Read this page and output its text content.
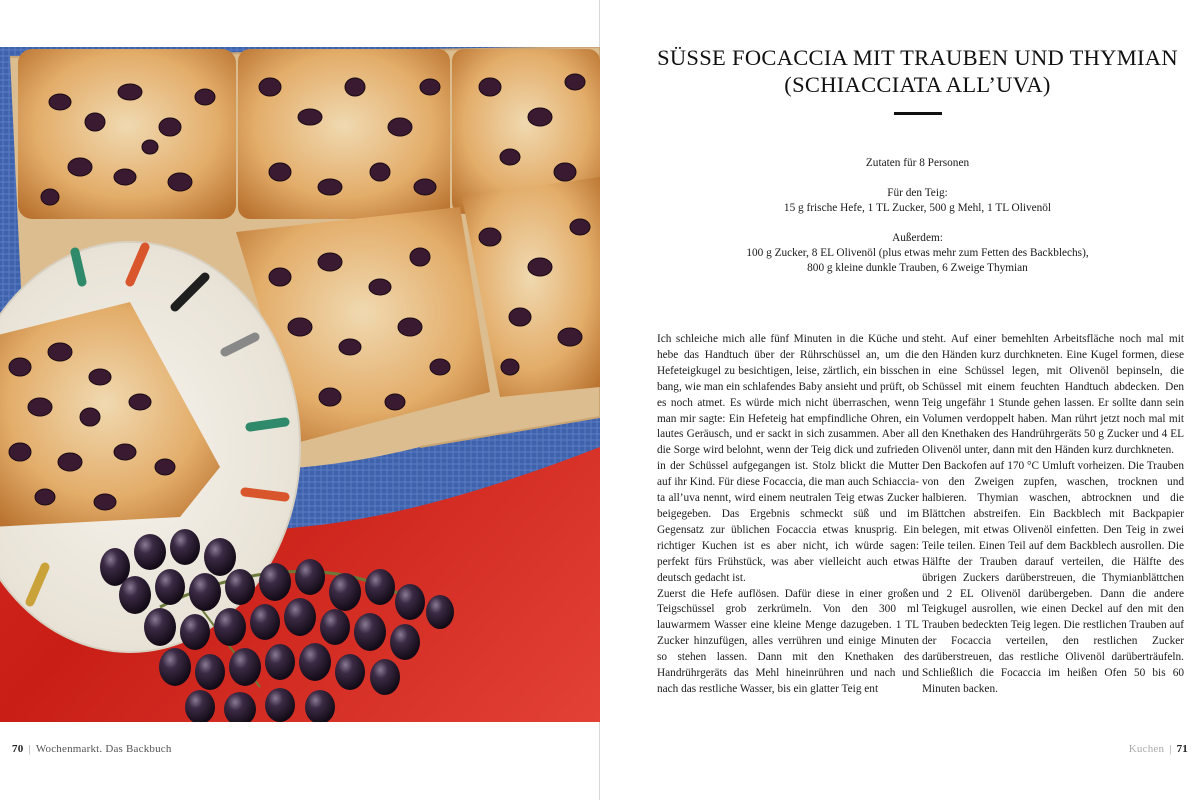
70 | Wochenmarkt. Das Backbuch
SÜSSE FOCACCIA MIT TRAUBEN UND THYMIAN
(SCHIACCIATA ALL’UVA)

Zutaten für 8 Personen

Für den Teig:

15 g frische Hefe, 1 TL Zucker, 500 g Mehl, 1 TL Olivenöl

Außerdem:

100 g Zucker, 8 EL Olivenöl (plus etwas mehr zum Fetten des Backblechs),

800 g kleine dunkle Trauben, 6 Zweige Thymian

Ich schleiche mich alle fünf Minuten in die Küche und hebe das Handtuch über der Rührschüssel an, um die Hefeteigkugel zu besichtigen, leise, zärtlich, ein bisschen bang, wie man ein schlafendes Baby ansieht und prüft, ob es noch atmet. Es würde mich nicht überraschen, wenn man mir sagte: Ein Hefeteig hat empfindliche Ohren, ein lautes Geräusch, und er sackt in sich zusammen. Aber all die Sorge wird belohnt, wenn der Teig dick und zufrieden in der Schüssel aufgegangen ist. Stolz blickt die Mutter auf ihr Kind. Für diese Focaccia, die man auch Schiacciata all’uva nennt, wird einem neutralen Teig etwas Zucker beigegeben. Das Ergebnis schmeckt süß und im Gegensatz zur üblichen Focaccia etwas knusprig. Ein richtiger Kuchen ist es aber nicht, ich würde sagen: perfekt fürs Frühstück, was aber vielleicht auch etwas deutsch gedacht ist.

Zuerst die Hefe auflösen. Dafür diese in einer großen Teigschüssel grob zerkrümeln. Von den 300 ml lauwarmem Wasser eine kleine Menge dazugeben. 1 TL Zucker hinzufügen, alles verrühren und einige Minuten so stehen lassen. Dann mit den Knethaken des Handrührgeräts das Mehl hineinrühren und nach und nach das restliche Wasser, bis ein glatter Teig ent

steht. Auf einer bemehlten Arbeitsfläche noch mal mit den Händen kurz durchkneten. Eine Kugel formen, diese in eine Schüssel legen, mit Olivenöl bepinseln, die Schüssel mit einem feuchten Handtuch abdecken. Den Teig ungefähr 1 Stunde gehen lassen. Er sollte dann sein Volumen verdoppelt haben. Man rührt jetzt noch mal mit den Knethaken des Handrührgeräts 50 g Zucker und 4 EL Olivenöl unter, dann mit den Händen kurz durchkneten.

Den Backofen auf 170 °C Umluft vorheizen. Die Trauben von den Zweigen zupfen, waschen, trocknen und halbieren. Thymian waschen, abtrocknen und die Blättchen abstreifen. Ein Backblech mit Backpapier belegen, mit etwas Olivenöl einfetten. Den Teig in zwei Teile teilen. Einen Teil auf dem Backblech ausrollen. Die Hälfte der Trauben darauf verteilen, die Hälfte des übrigen Zuckers darüberstreuen, die Thymianblättchen und 2 EL Olivenöl darübergeben. Dann die andere Teigkugel ausrollen, wie einen Deckel auf den mit den Trauben bedeckten Teig legen. Die restlichen Trauben auf der Focaccia verteilen, den restlichen Zucker darüberstreuen, das restliche Olivenöl darüberträufeln. Schließlich die Focaccia im heißen Ofen 50 bis 60 Minuten backen.

Kuchen | 71
